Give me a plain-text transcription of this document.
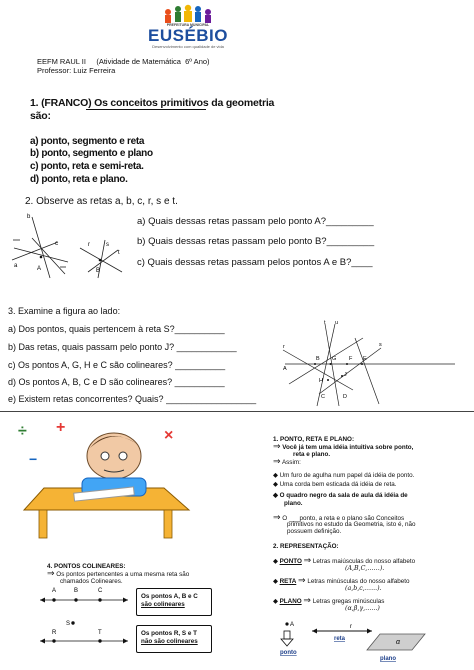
PREFEITURA MUNICIPAL
EUSÉBIO
Desenvolvimento com qualidade de vida
EEFM RAUL II     (Atividade de Matemática  6º Ano)
Professor: Luiz Ferreira
1. (FRANCO) Os conceitos primitivos da geometria
são:
a) ponto, segmento e reta
b) ponto, segmento e plano
c) ponto, reta e semi-reta.
d) ponto, reta e plano.
2. Observe as retas a, b, c, r, s e t.
b
c
a	A
r	s
t
B
a) Quais dessas retas passam pelo ponto A?_________
b) Quais dessas retas passam pelo ponto B?_________
c) Quais dessas retas passam pelos pontos A e B?____
3. Examine a figura ao lado:
a) Dos pontos, quais pertencem à reta S?__________
b) Das retas, quais passam pelo ponto J? ____________
c) Os pontos A, G, H e C são colineares? __________
d) Os pontos A, B, C e D são colineares? __________
e) Existem retas concorrentes? Quais? __________________
t u
r	s
A
B G F E
H
J
C	D
÷ +	×
−
1. PONTO, RETA E PLANO:
⇒ Você já tem uma idéia intuitiva sobre ponto,
reta e plano.
⇒ Assim:
◆ Um furo de agulha num papel dá idéia de ponto.
◆ Uma corda bem esticada dá idéia de reta.
◆ O quadro negro da sala de aula dá idéia de
plano.
⇒ O ___ponto, a reta e o plano são Conceitos
primitivos no estudo da Geometria, isto é, não
possuem definição.
2. REPRESENTAÇÃO:
◆ PONTO ⇒ Letras maiúsculas do nosso alfabeto
(A,B,C,……).
◆ RETA ⇒ Letras minúsculas do nosso alfabeto
(a,b,c,…...).
◆ PLANO ⇒ Letras gregas minúsculas
(α,β,γ,…...)
A
ponto
r
reta	α
plano
4. PONTOS COLINEARES:
⇒ Os pontos pertencentes a uma mesma reta são
chamados Colineares.
A	B	C
S
R	T
Os pontos A, B e C
são colineares
Os pontos R, S e T
não são colineares
